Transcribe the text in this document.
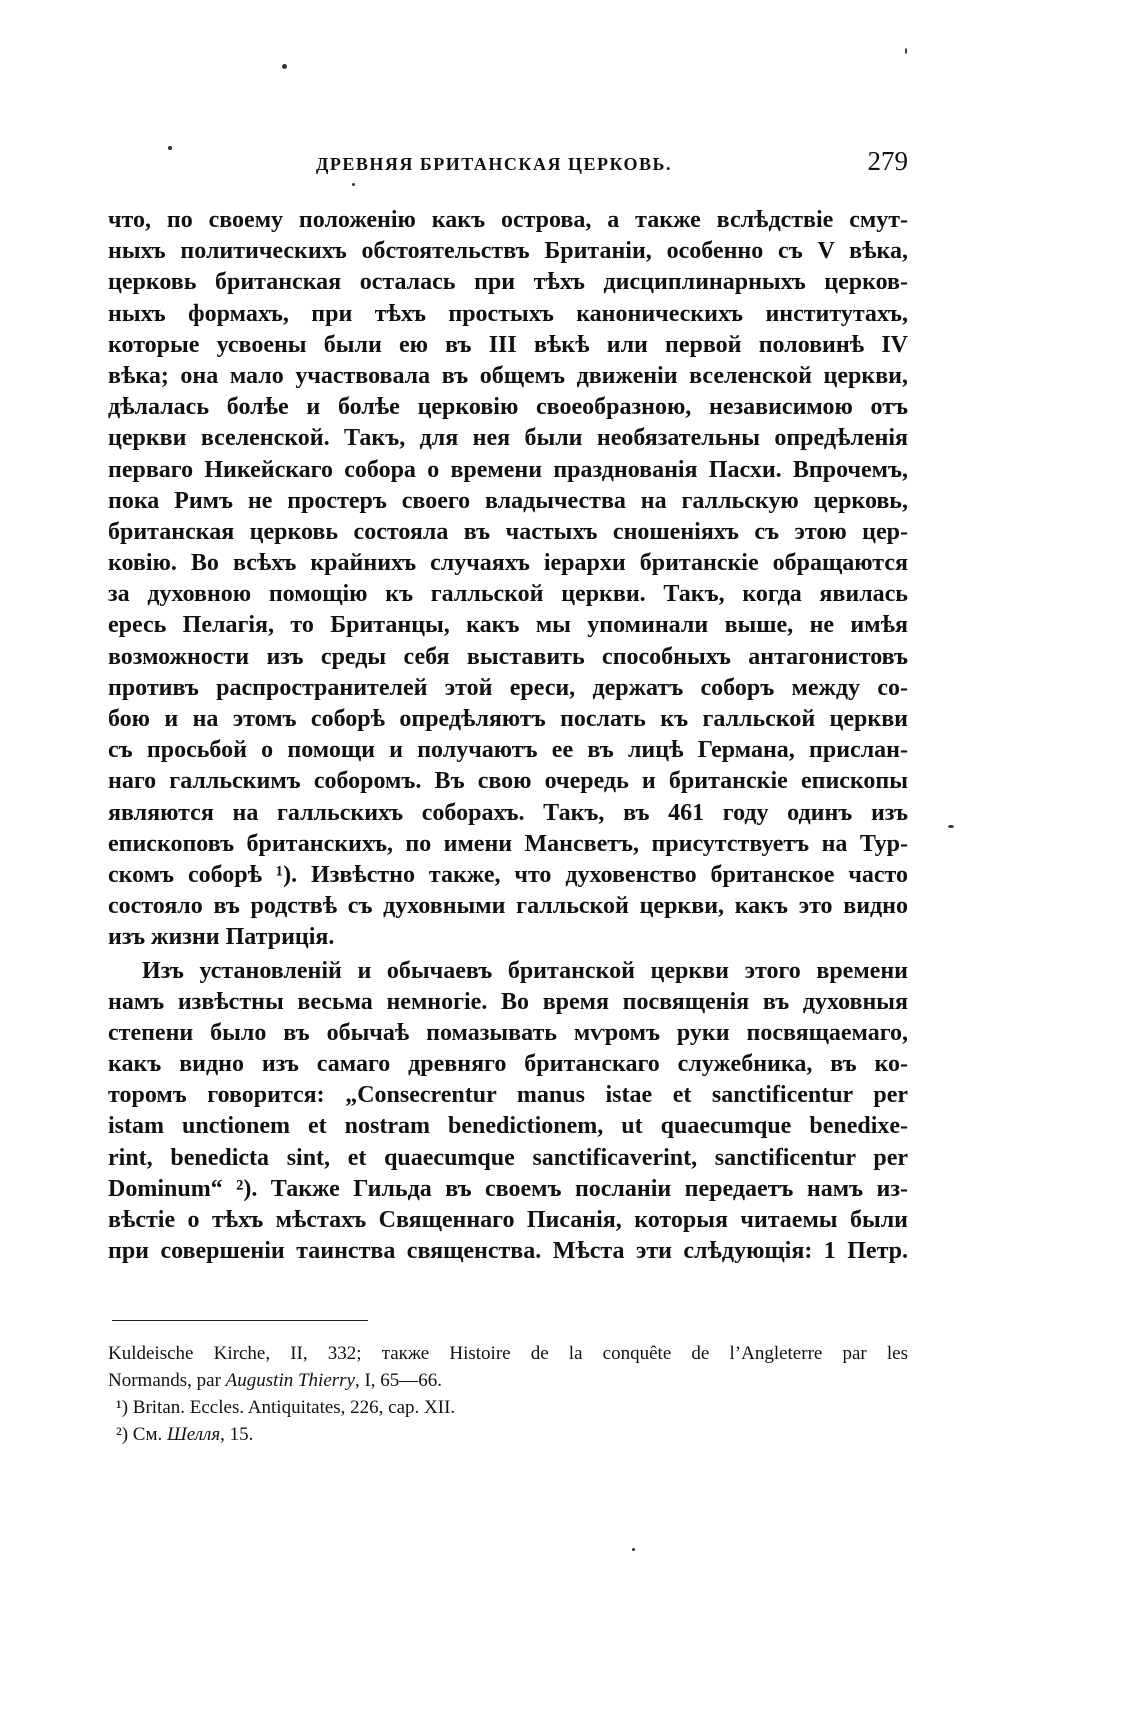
ДРЕВНЯЯ БРИТАНСКАЯ ЦЕРКОВЬ.	279
что, по своему положенію какъ острова, а также вслѣдствіе смут-
ныхъ политическихъ обстоятельствъ Британіи, особенно съ V вѣка,
церковь британская осталась при тѣхъ дисциплинарныхъ церков-
ныхъ формахъ, при тѣхъ простыхъ каноническихъ институтахъ,
которые усвоены были ею въ III вѣкѣ или первой половинѣ IV
вѣка; она мало участвовала въ общемъ движеніи вселенской церкви,
дѣлалась болѣе и болѣе церковію своеобразною, независимою отъ
церкви вселенской. Такъ, для нея были необязательны опредѣленія
перваго Никейскаго собора о времени празднованія Пасхи. Впрочемъ,
пока Римъ не простеръ своего владычества на галльскую церковь,
британская церковь состояла въ частыхъ сношеніяхъ съ этою цер-
ковію. Во всѣхъ крайнихъ случаяхъ іерархи британскіе обращаются
за духовною помощію къ галльской церкви. Такъ, когда явилась
ересь Пелагія, то Британцы, какъ мы упоминали выше, не имѣя
возможности изъ среды себя выставить способныхъ антагонистовъ
противъ распространителей этой ереси, держатъ соборъ между со-
бою и на этомъ соборѣ опредѣляютъ послать къ галльской церкви
съ просьбой о помощи и получаютъ ее въ лицѣ Германа, прислан-
наго галльскимъ соборомъ. Въ свою очередь и британскіе епископы
являются на галльскихъ соборахъ. Такъ, въ 461 году одинъ изъ
епископовъ британскихъ, по имени Мансветъ, присутствуетъ на Тур-
скомъ соборѣ ¹). Извѣстно также, что духовенство британское часто
состояло въ родствѣ съ духовными галльской церкви, какъ это видно
изъ жизни Патриція.
Изъ установленій и обычаевъ британской церкви этого времени
намъ извѣстны весьма немногіе. Во время посвященія въ духовныя
степени было въ обычаѣ помазывать мѵромъ руки посвящаемаго,
какъ видно изъ самаго древняго британскаго служебника, въ ко-
торомъ говорится: „Consecrentur manus istae et sanctificentur per
istam unctionem et nostram benedictionem, ut quaecumque benedixe-
rint, benedicta sint, et quaecumque sanctificaverint, sanctificentur per
Dominum“ ²). Также Гильда въ своемъ посланіи передаетъ намъ из-
вѣстіе о тѣхъ мѣстахъ Священнаго Писанія, которыя читаемы были
при совершеніи таинства священства. Мѣста эти слѣдующія: 1 Петр.
Kuldeische Kirche, II, 332; также Histoire de la conquête de l’Angleterre par les
Normands, par Augustin Thierry, I, 65—66.
¹) Britan. Eccles. Antiquitates, 226, cap. XII.
²) См. Шелля, 15.
